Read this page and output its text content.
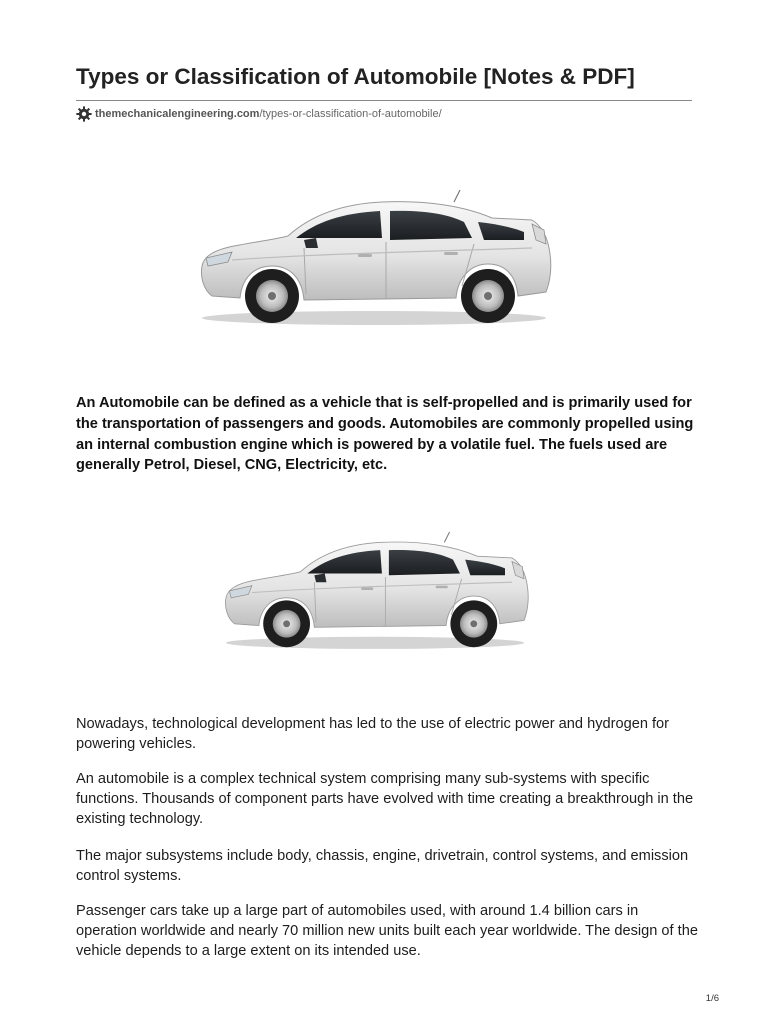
Types or Classification of Automobile [Notes & PDF]
themechanicalengineering.com /types-or-classification-of-automobile/
An Automobile can be defined as a vehicle that is self-propelled and is primarily used for the transportation of passengers and goods. Automobiles are commonly propelled using an internal combustion engine which is powered by a volatile fuel. The fuels used are generally Petrol, Diesel, CNG, Electricity, etc.
Nowadays, technological development has led to the use of electric power and hydrogen for powering vehicles.
An automobile is a complex technical system comprising many sub-systems with specific functions. Thousands of component parts have evolved with time creating a breakthrough in the existing technology.
The major subsystems include body, chassis, engine, drivetrain, control systems, and emission control systems.
Passenger cars take up a large part of automobiles used, with around 1.4 billion cars in operation worldwide and nearly 70 million new units built each year worldwide. The design of the vehicle depends to a large extent on its intended use.
1/6
